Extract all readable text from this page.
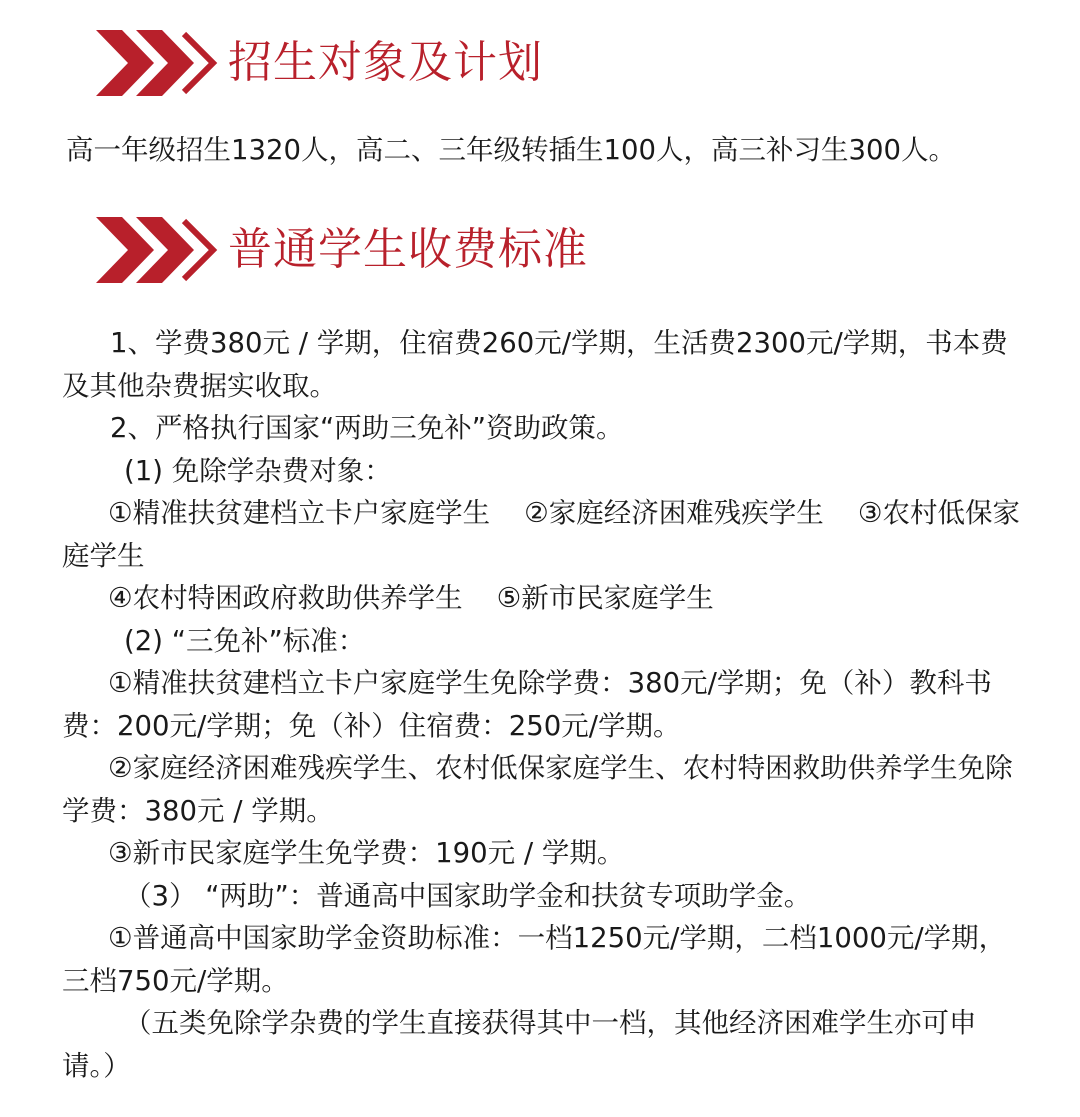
招生对象及计划
高一年级招生1320人，高二、三年级转插生100人，高三补习生300人。
普通学生收费标准

1、学费380元 / 学期，住宿费260元/学期，生活费2300元/学期，书本费及其他杂费据实收取。

2、严格执行国家“两助三免补”资助政策。

(1) 免除学杂费对象：

①精准扶贫建档立卡户家庭学生 ②家庭经济困难残疾学生 ③农村低保家庭学生

④农村特困政府救助供养学生 ⑤新市民家庭学生

(2) “三免补”标准：

①精准扶贫建档立卡户家庭学生免除学费：380元/学期；免（补）教科书费：200元/学期；免（补）住宿费：250元/学期。

②家庭经济困难残疾学生、农村低保家庭学生、农村特困救助供养学生免除学费：380元 / 学期。

③新市民家庭学生免学费：190元 / 学期。

（3） “两助”：普通高中国家助学金和扶贫专项助学金。

①普通高中国家助学金资助标准：一档1250元/学期，二档1000元/学期，三档750元/学期。

（五类免除学杂费的学生直接获得其中一档，其他经济困难学生亦可申请。）
